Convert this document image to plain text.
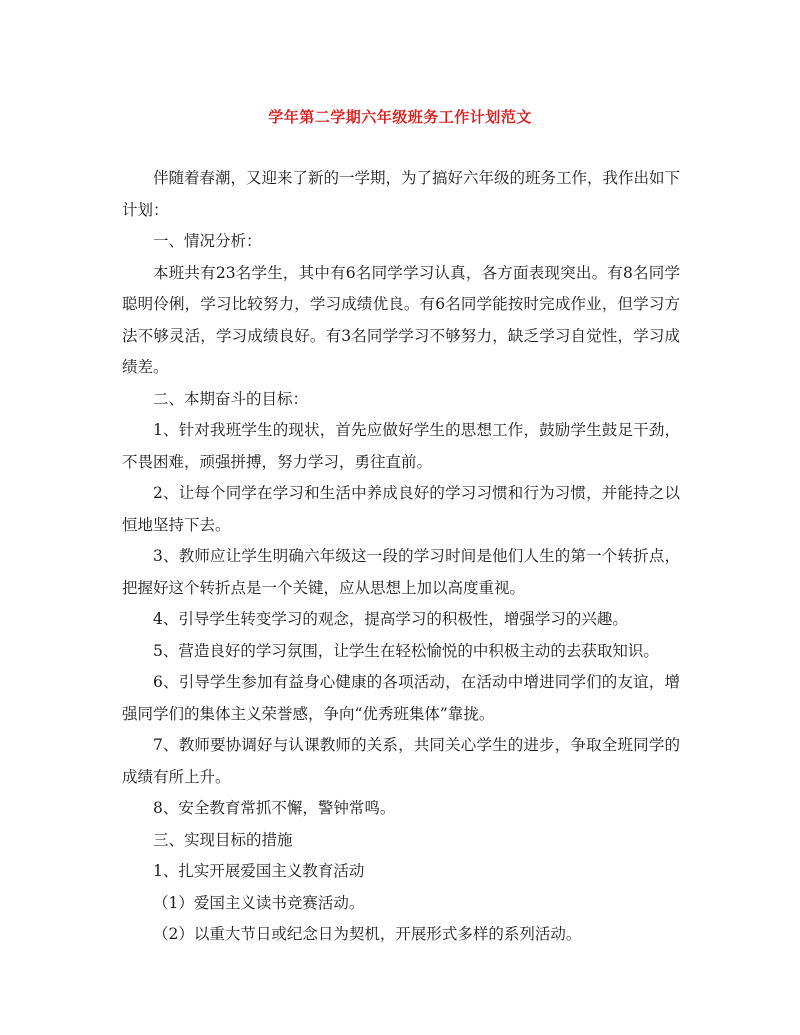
学年第二学期六年级班务工作计划范文

伴随着春潮，又迎来了新的一学期，为了搞好六年级的班务工作，我作出如下计划：

一、情况分析：

本班共有23名学生，其中有6名同学学习认真，各方面表现突出。有8名同学聪明伶俐，学习比较努力，学习成绩优良。有6名同学能按时完成作业，但学习方法不够灵活，学习成绩良好。有3名同学学习不够努力，缺乏学习自觉性，学习成绩差。

二、本期奋斗的目标：

1、针对我班学生的现状，首先应做好学生的思想工作，鼓励学生鼓足干劲，不畏困难，顽强拼搏，努力学习，勇往直前。

2、让每个同学在学习和生活中养成良好的学习习惯和行为习惯，并能持之以恒地坚持下去。

3、教师应让学生明确六年级这一段的学习时间是他们人生的第一个转折点，把握好这个转折点是一个关键，应从思想上加以高度重视。

4、引导学生转变学习的观念，提高学习的积极性，增强学习的兴趣。

5、营造良好的学习氛围，让学生在轻松愉悦的中积极主动的去获取知识。

6、引导学生参加有益身心健康的各项活动，在活动中增进同学们的友谊，增强同学们的集体主义荣誉感，争向“优秀班集体”靠拢。

7、教师要协调好与认课教师的关系，共同关心学生的进步，争取全班同学的成绩有所上升。

8、安全教育常抓不懈，警钟常鸣。

三、实现目标的措施

1、扎实开展爱国主义教育活动

（1）爱国主义读书竞赛活动。

（2）以重大节日或纪念日为契机，开展形式多样的系列活动。
